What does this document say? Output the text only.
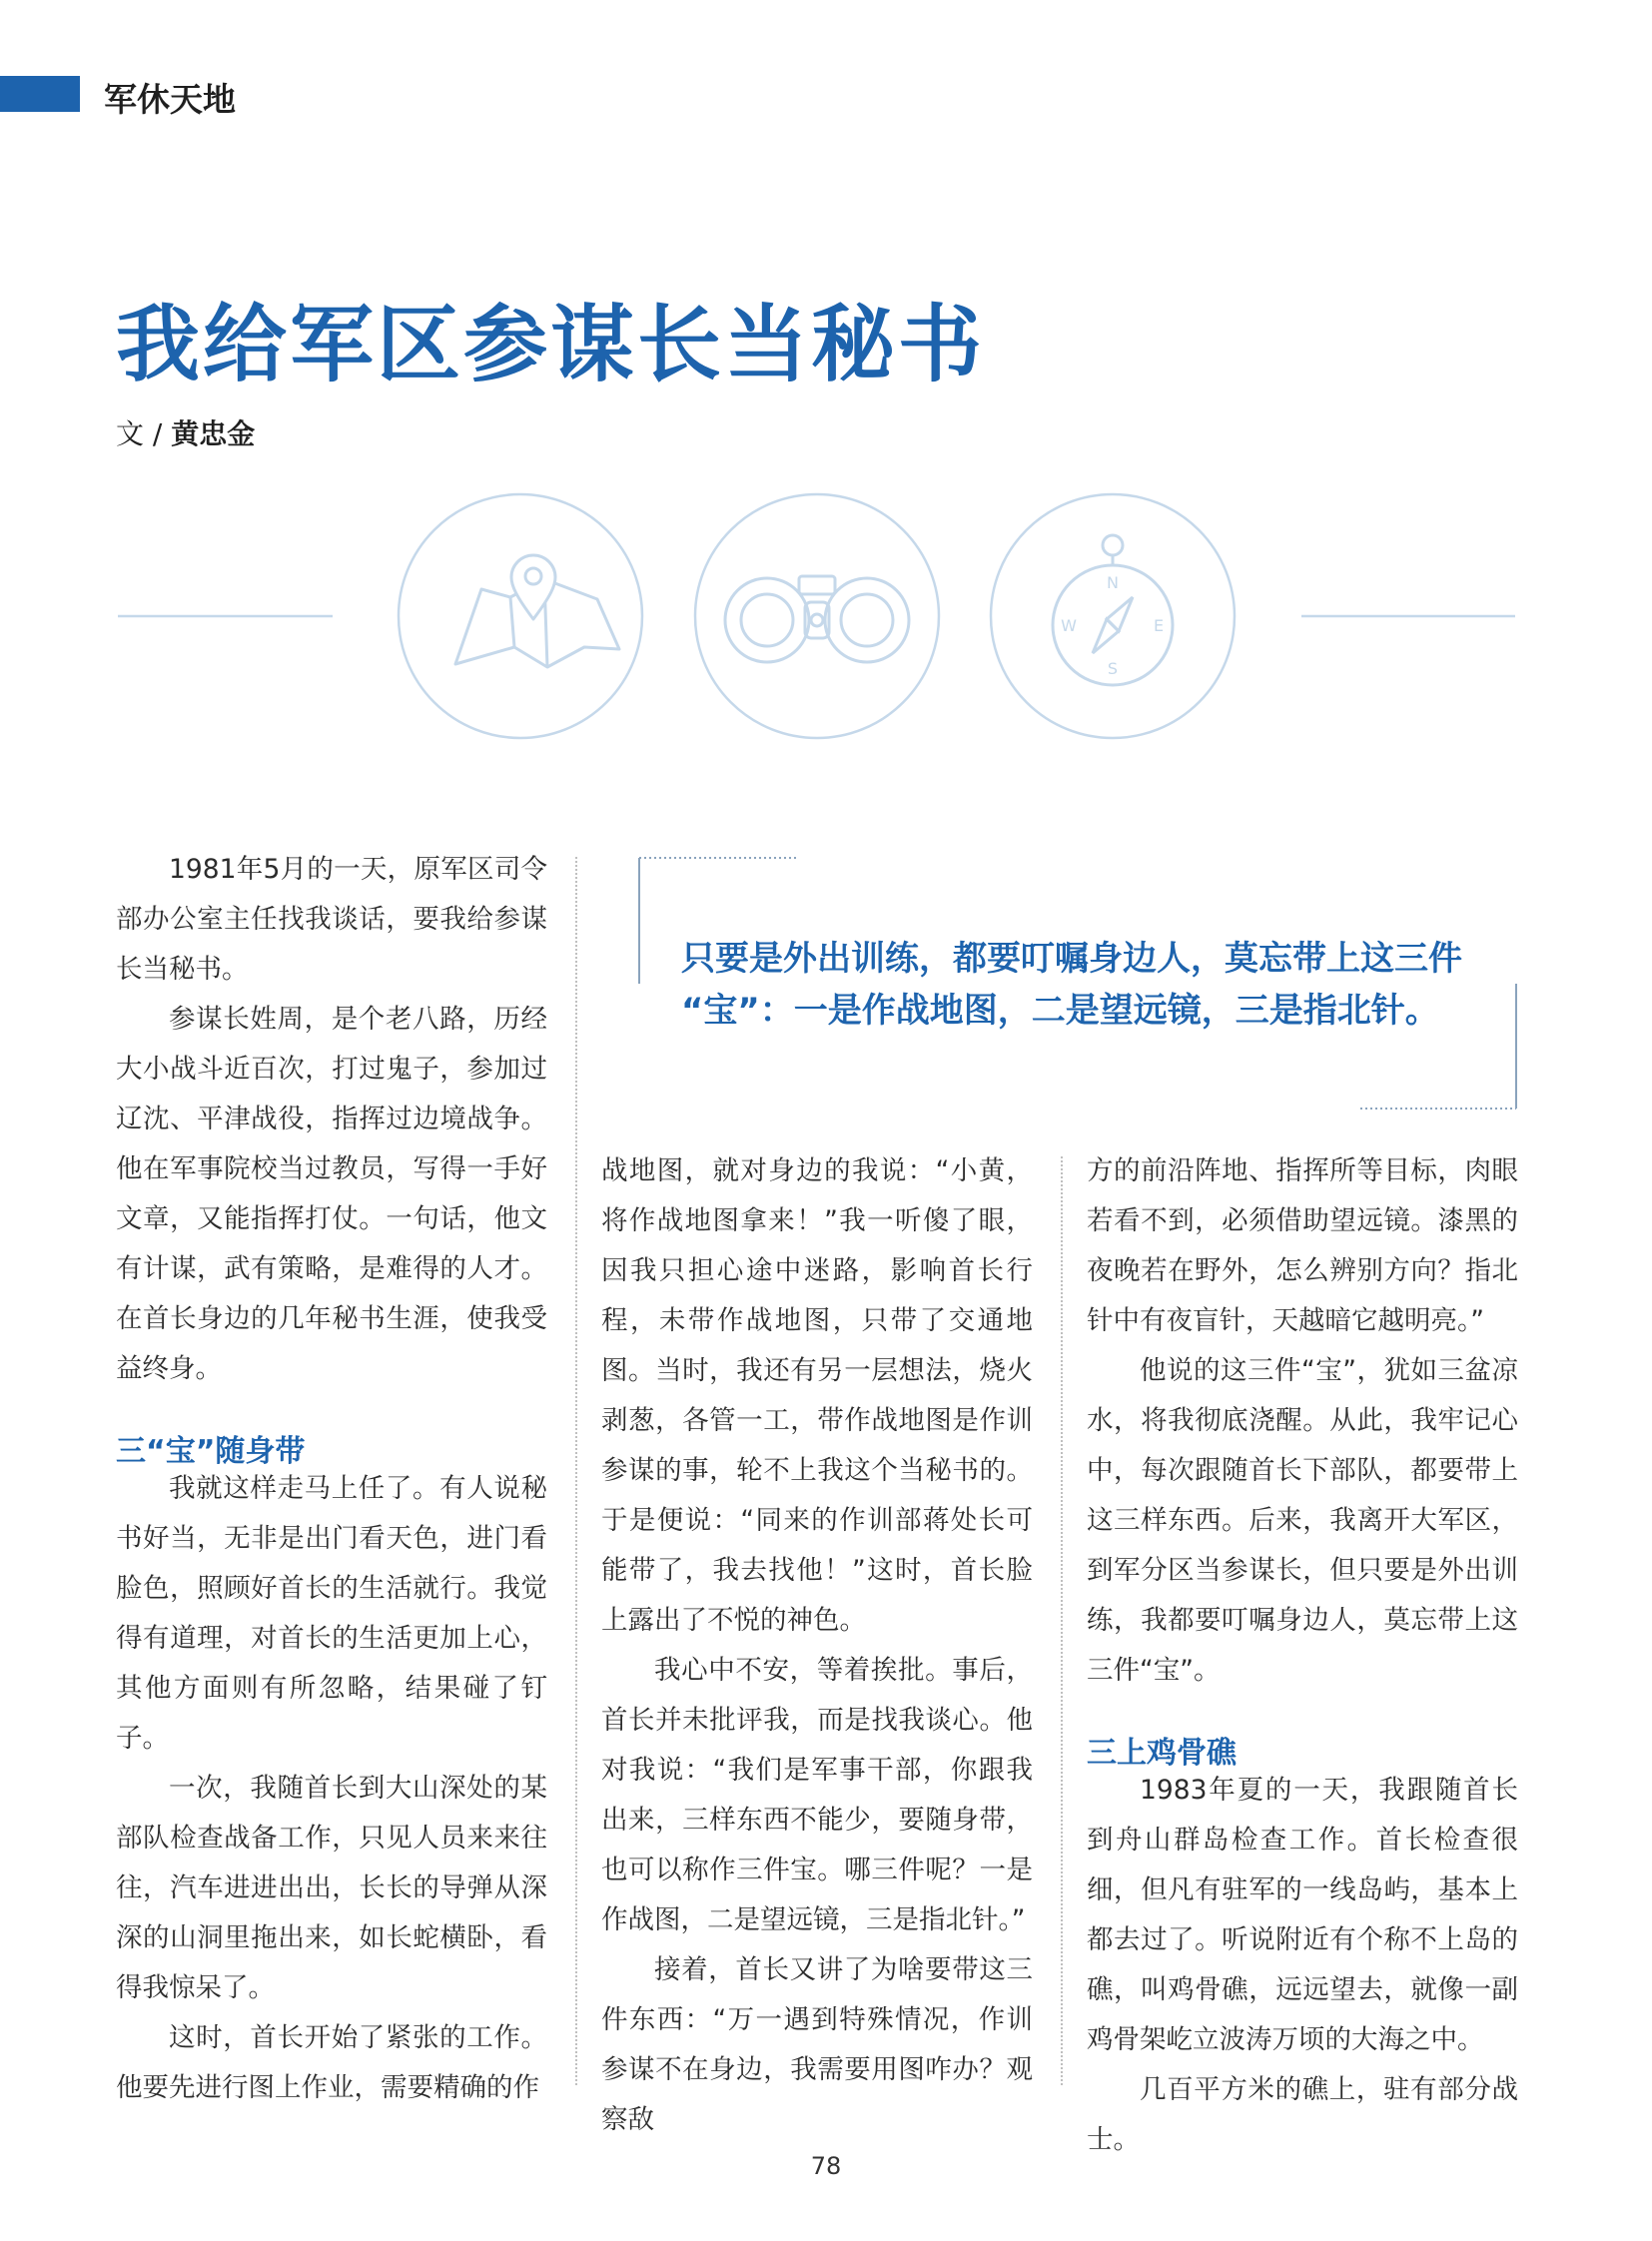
军休天地
我给军区参谋长当秘书
文 / 黄忠金
N
E
S
W
只要是外出训练，都要叮嘱身边人，莫忘带上这三件
“宝”：一是作战地图，二是望远镜，三是指北针。

1981年5月的一天，原军区司令部办公室主任找我谈话，要我给参谋长当秘书。

参谋长姓周，是个老八路，历经大小战斗近百次，打过鬼子，参加过辽沈、平津战役，指挥过边境战争。他在军事院校当过教员，写得一手好文章，又能指挥打仗。一句话，他文有计谋，武有策略，是难得的人才。在首长身边的几年秘书生涯，使我受益终身。

三“宝”随身带

我就这样走马上任了。有人说秘书好当，无非是出门看天色，进门看脸色，照顾好首长的生活就行。我觉得有道理，对首长的生活更加上心，其他方面则有所忽略，结果碰了钉子。

一次，我随首长到大山深处的某部队检查战备工作，只见人员来来往往，汽车进进出出，长长的导弹从深深的山洞里拖出来，如长蛇横卧，看得我惊呆了。

这时，首长开始了紧张的工作。他要先进行图上作业，需要精确的作

战地图，就对身边的我说：“小黄，将作战地图拿来！”我一听傻了眼，因我只担心途中迷路，影响首长行程，未带作战地图，只带了交通地图。当时，我还有另一层想法，烧火剥葱，各管一工，带作战地图是作训参谋的事，轮不上我这个当秘书的。于是便说：“同来的作训部蒋处长可能带了，我去找他！”这时，首长脸上露出了不悦的神色。

我心中不安，等着挨批。事后，首长并未批评我，而是找我谈心。他对我说：“我们是军事干部，你跟我出来，三样东西不能少，要随身带，也可以称作三件宝。哪三件呢？一是作战图，二是望远镜，三是指北针。”

接着，首长又讲了为啥要带这三件东西：“万一遇到特殊情况，作训参谋不在身边，我需要用图咋办？观察敌

方的前沿阵地、指挥所等目标，肉眼若看不到，必须借助望远镜。漆黑的夜晚若在野外，怎么辨别方向？指北针中有夜盲针，天越暗它越明亮。”

他说的这三件“宝”，犹如三盆凉水，将我彻底浇醒。从此，我牢记心中，每次跟随首长下部队，都要带上这三样东西。后来，我离开大军区，到军分区当参谋长，但只要是外出训练，我都要叮嘱身边人，莫忘带上这三件“宝”。

三上鸡骨礁

1983年夏的一天，我跟随首长到舟山群岛检查工作。首长检查很细，但凡有驻军的一线岛屿，基本上都去过了。听说附近有个称不上岛的礁，叫鸡骨礁，远远望去，就像一副鸡骨架屹立波涛万顷的大海之中。

几百平方米的礁上，驻有部分战士。

78
